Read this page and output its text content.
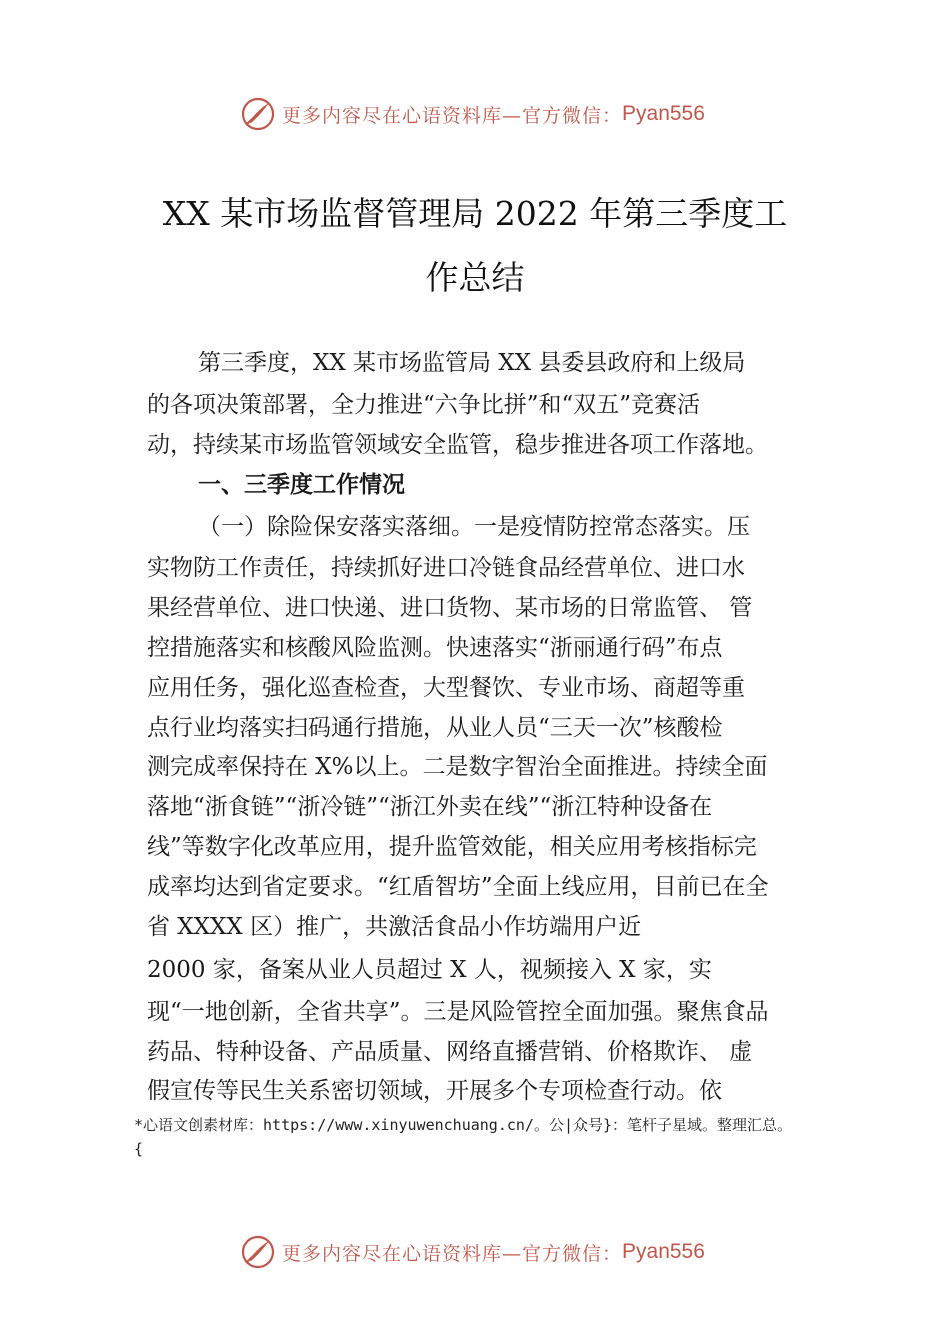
更多内容尽在心语资料库—官方微信： Pyan556
XX 某市场监督管理局 2022 年第三季度工
作总结
第三季度，XX 某市场监管局 XX 县委县政府和上级局
的各项决策部署，全力推进“六争比拼”和“双五”竞赛活
动，持续某市场监管领域安全监管，稳步推进各项工作落地。
一、三季度工作情况
（一）除险保安落实落细。一是疫情防控常态落实。压
实物防工作责任，持续抓好进口冷链食品经营单位、进口水
果经营单位、进口快递、进口货物、某市场的日常监管、 管
控措施落实和核酸风险监测。快速落实“浙丽通行码”布点
应用任务，强化巡查检查，大型餐饮、专业市场、商超等重
点行业均落实扫码通行措施，从业人员“三天一次”核酸检
测完成率保持在 X%以上。二是数字智治全面推进。持续全面
落地“浙食链”“浙冷链”“浙江外卖在线”“浙江特种设备在
线”等数字化改革应用，提升监管效能，相关应用考核指标完
成率均达到省定要求。“红盾智坊”全面上线应用，目前已在全
省 XXXX 区）推广，共激活食品小作坊端用户近
2000 家，备案从业人员超过 X 人，视频接入 X 家，实
现“一地创新，全省共享”。三是风险管控全面加强。聚焦食品
药品、特种设备、产品质量、网络直播营销、价格欺诈、 虚
假宣传等民生关系密切领域，开展多个专项检查行动。依
*心语文创素材库：https://www.xinyuwenchuang.cn/。公|众号}：笔杆子星域。整理汇总。
{
更多内容尽在心语资料库—官方微信： Pyan556
